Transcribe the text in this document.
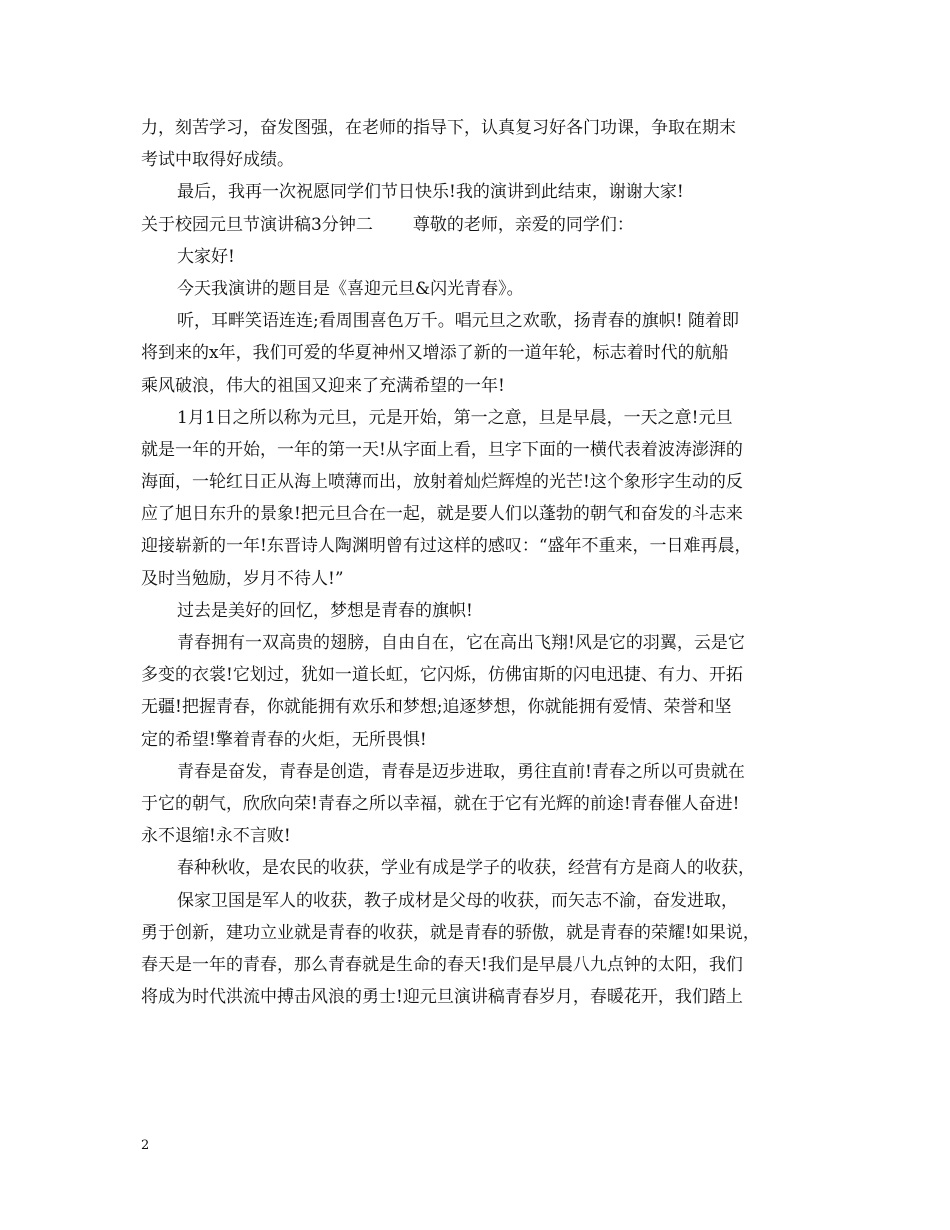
力，刻苦学习，奋发图强，在老师的指导下，认真复习好各门功课，争取在期末
考试中取得好成绩。
最后，我再一次祝愿同学们节日快乐!我的演讲到此结束，谢谢大家!
关于校园元旦节演讲稿3分钟二 尊敬的老师，亲爱的同学们：
大家好!
今天我演讲的题目是《喜迎元旦&闪光青春》。
听，耳畔笑语连连;看周围喜色万千。唱元旦之欢歌，扬青春的旗帜! 随着即
将到来的x年，我们可爱的华夏神州又增添了新的一道年轮，标志着时代的航船
乘风破浪，伟大的祖国又迎来了充满希望的一年!
1月1日之所以称为元旦，元是开始，第一之意，旦是早晨，一天之意!元旦
就是一年的开始，一年的第一天!从字面上看，旦字下面的一横代表着波涛澎湃的
海面，一轮红日正从海上喷薄而出，放射着灿烂辉煌的光芒!这个象形字生动的反
应了旭日东升的景象!把元旦合在一起，就是要人们以蓬勃的朝气和奋发的斗志来
迎接崭新的一年!东晋诗人陶渊明曾有过这样的感叹：“盛年不重来，一日难再晨，
及时当勉励，岁月不待人!”
过去是美好的回忆，梦想是青春的旗帜!
青春拥有一双高贵的翅膀，自由自在，它在高出飞翔!风是它的羽翼，云是它
多变的衣裳!它划过，犹如一道长虹，它闪烁，仿佛宙斯的闪电迅捷、有力、开拓
无疆!把握青春，你就能拥有欢乐和梦想;追逐梦想，你就能拥有爱情、荣誉和坚
定的希望!擎着青春的火炬，无所畏惧!
青春是奋发，青春是创造，青春是迈步进取，勇往直前!青春之所以可贵就在
于它的朝气，欣欣向荣!青春之所以幸福，就在于它有光辉的前途!青春催人奋进!
永不退缩!永不言败!
春种秋收，是农民的收获，学业有成是学子的收获，经营有方是商人的收获，
保家卫国是军人的收获，教子成材是父母的收获，而矢志不渝，奋发进取，
勇于创新，建功立业就是青春的收获，就是青春的骄傲，就是青春的荣耀!如果说，
春天是一年的青春，那么青春就是生命的春天!我们是早晨八九点钟的太阳，我们
将成为时代洪流中搏击风浪的勇士!迎元旦演讲稿青春岁月，春暖花开，我们踏上
2
